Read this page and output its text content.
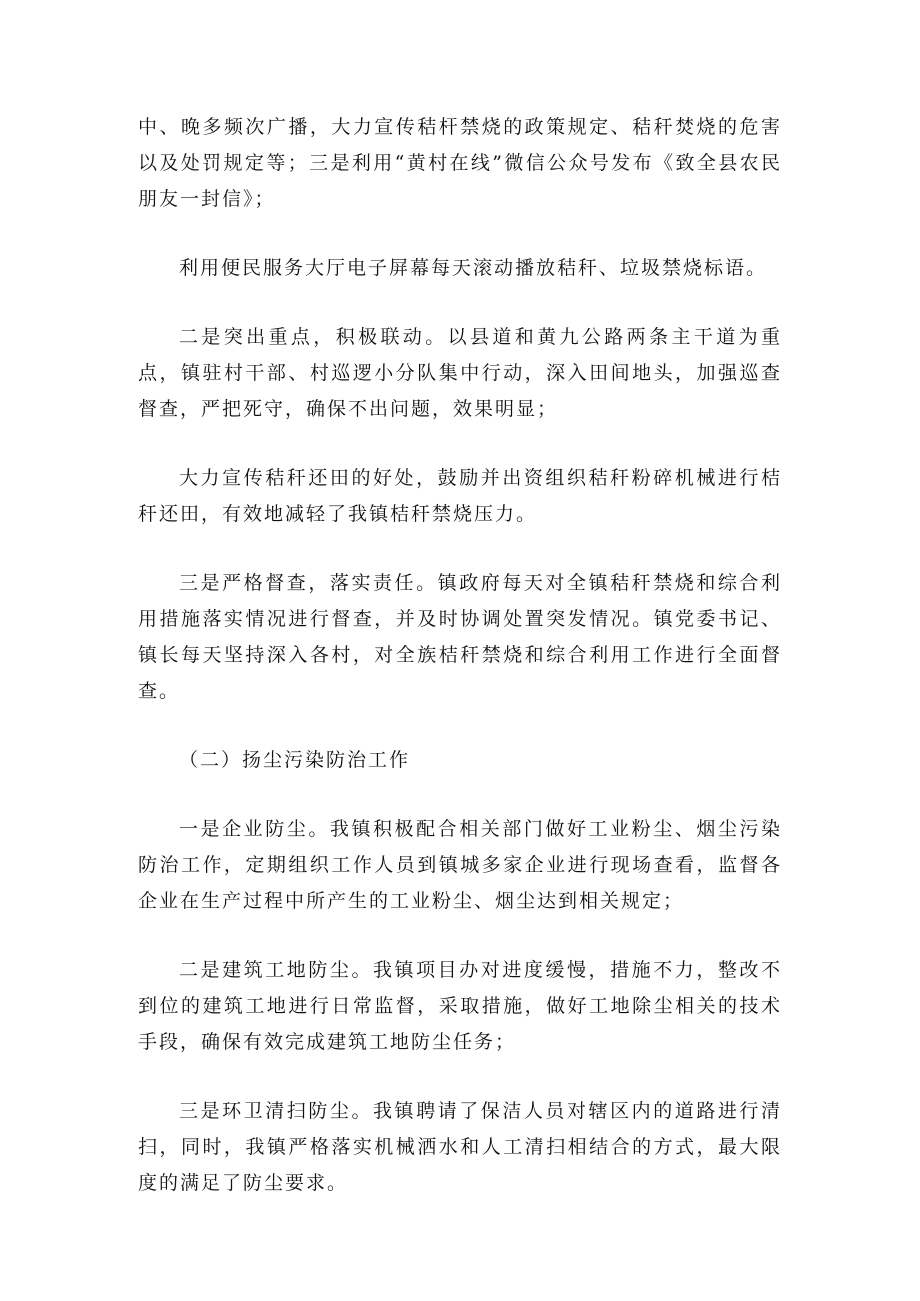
中、晚多频次广播，大力宣传秸杆禁烧的政策规定、秸秆焚烧的危害以及处罚规定等；三是利用“黄村在线”微信公众号发布《致全县农民朋友一封信》；

利用便民服务大厅电子屏幕每天滚动播放秸秆、垃圾禁烧标语。

二是突出重点，积极联动。以县道和黄九公路两条主干道为重点，镇驻村干部、村巡逻小分队集中行动，深入田间地头，加强巡查督查，严把死守，确保不出问题，效果明显；

大力宣传秸秆还田的好处，鼓励并出资组织秸秆粉碎机械进行桔秆还田，有效地减轻了我镇桔秆禁烧压力。

三是严格督查，落实责任。镇政府每天对全镇秸秆禁烧和综合利用措施落实情况进行督查，并及时协调处置突发情况。镇党委书记、镇长每天坚持深入各村，对全族桔秆禁烧和综合利用工作进行全面督查。

（二）扬尘污染防治工作

一是企业防尘。我镇积极配合相关部门做好工业粉尘、烟尘污染防治工作，定期组织工作人员到镇城多家企业进行现场查看，监督各企业在生产过程中所产生的工业粉尘、烟尘达到相关规定；

二是建筑工地防尘。我镇项目办对进度缓慢，措施不力，整改不到位的建筑工地进行日常监督，采取措施，做好工地除尘相关的技术手段，确保有效完成建筑工地防尘任务；

三是环卫清扫防尘。我镇聘请了保洁人员对辖区内的道路进行清扫，同时，我镇严格落实机械洒水和人工清扫相结合的方式，最大限度的满足了防尘要求。
